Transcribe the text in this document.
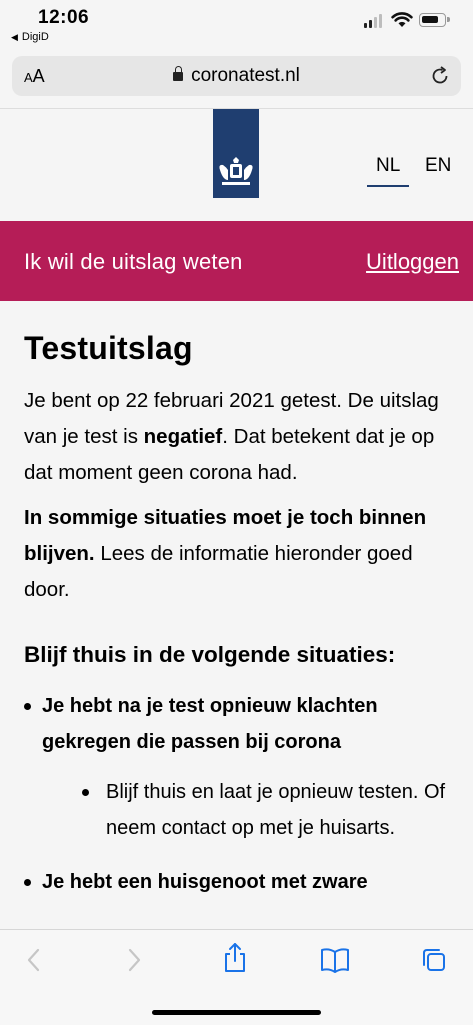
12:06
◀ DigiD
AA	coronatest.nl
NL EN
Ik wil de uitslag weten	Uitloggen
Testuitslag

Je bent op 22 februari 2021 getest. De uitslag van je test is negatief. Dat betekent dat je op dat moment geen corona had.

In sommige situaties moet je toch binnen blijven. Lees de informatie hieronder goed door.

Blijf thuis in de volgende situaties:
Je hebt na je test opnieuw klachten gekregen die passen bij corona
Blijf thuis en laat je opnieuw testen. Of neem contact op met je huisarts.
Je hebt een huisgenoot met zware
